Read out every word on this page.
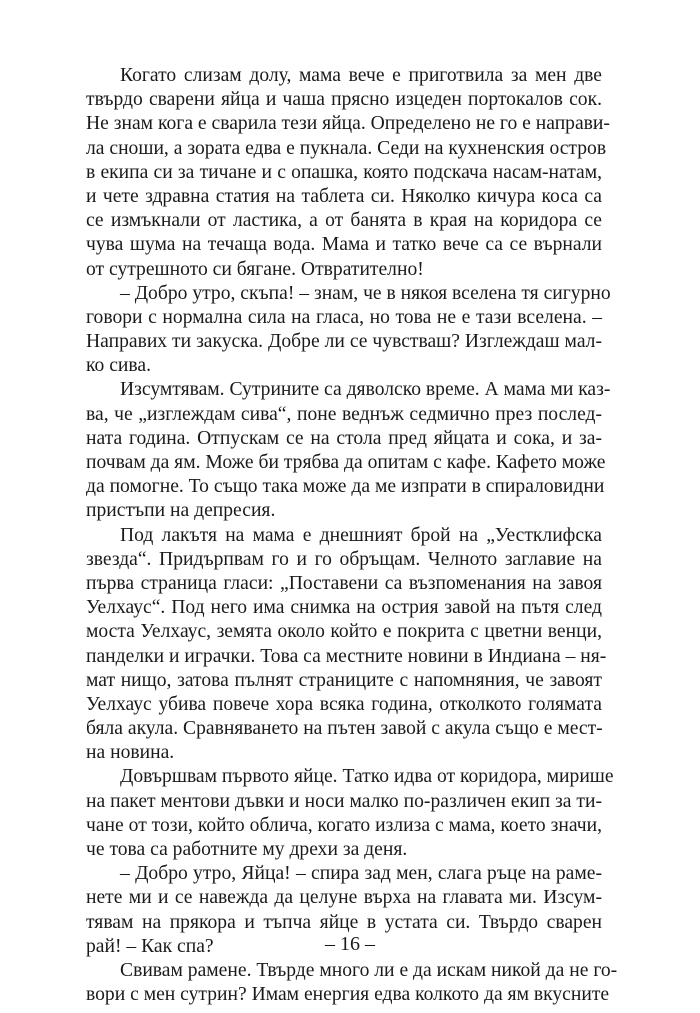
Когато слизам долу, мама вече е приготвила за мен две
твърдо сварени яйца и чаша прясно изцеден портокалов сок.
Не знам кога е сварила тези яйца. Определено не го е направи-
ла сноши, а зората едва е пукнала. Седи на кухненския остров
в екипа си за тичане и с опашка, която подскача насам-натам,
и чете здравна статия на таблета си. Няколко кичура коса са
се измъкнали от ластика, а от банята в края на коридора се
чува шума на течаща вода. Мама и татко вече са се върнали
от сутрешното си бягане. Отвратително!
– Добро утро, скъпа! – знам, че в някоя вселена тя сигурно
говори с нормална сила на гласа, но това не е тази вселена. –
Направих ти закуска. Добре ли се чувстваш? Изглеждаш мал-
ко сива.
Изсумтявам. Сутрините са дяволско време. А мама ми каз-
ва, че „изглеждам сива“, поне веднъж седмично през послед-
ната година. Отпускам се на стола пред яйцата и сока, и за-
почвам да ям. Може би трябва да опитам с кафе. Кафето може
да помогне. То също така може да ме изпрати в спираловидни
пристъпи на депресия.
Под лакътя на мама е днешният брой на „Уестклифска
звезда“. Придърпвам го и го обръщам. Челното заглавие на
първа страница гласи: „Поставени са възпоменания на завоя
Уелхаус“. Под него има снимка на острия завой на пътя след
моста Уелхаус, земята около който е покрита с цветни венци,
панделки и играчки. Това са местните новини в Индиана – ня-
мат нищо, затова пълнят страниците с напомняния, че завоят
Уелхаус убива повече хора всяка година, отколкото голямата
бяла акула. Сравняването на пътен завой с акула също е мест-
на новина.
Довършвам първото яйце. Татко идва от коридора, мирише
на пакет ментови дъвки и носи малко по-различен екип за ти-
чане от този, който облича, когато излиза с мама, което значи,
че това са работните му дрехи за деня.
– Добро утро, Яйца! – спира зад мен, слага ръце на раме-
нете ми и се навежда да целуне върха на главата ми. Изсум-
тявам на прякора и тъпча яйце в устата си. Твърдо сварен
рай! – Как спа?
Свивам рамене. Твърде много ли е да искам никой да не го-
вори с мен сутрин? Имам енергия едва колкото да ям вкусните
– 16 –
